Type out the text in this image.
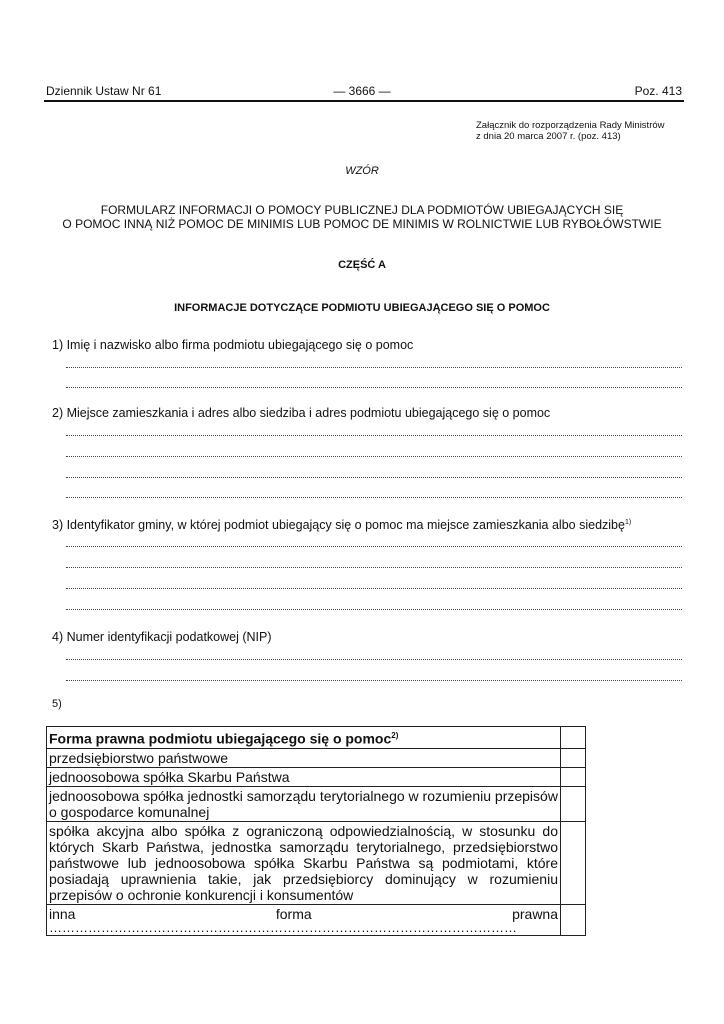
Dziennik Ustaw Nr 61	— 3666 —	Poz. 413
Załącznik do rozporządzenia Rady Ministrów
z dnia 20 marca 2007 r. (poz. 413)
WZÓR
FORMULARZ INFORMACJI O POMOCY PUBLICZNEJ DLA PODMIOTÓW UBIEGAJĄCYCH SIĘ
O POMOC INNĄ NIŻ POMOC DE MINIMIS LUB POMOC DE MINIMIS W ROLNICTWIE LUB RYBOŁÓWSTWIE
CZĘŚĆ A
INFORMACJE DOTYCZĄCE PODMIOTU UBIEGAJĄCEGO SIĘ O POMOC
1) Imię i nazwisko albo firma podmiotu ubiegającego się o pomoc
2) Miejsce zamieszkania i adres albo siedziba i adres podmiotu ubiegającego się o pomoc
3) Identyfikator gminy, w której podmiot ubiegający się o pomoc ma miejsce zamieszkania albo siedzibę$^{1)}$
4) Numer identyfikacji podatkowej (NIP)
5)
Forma prawna podmiotu ubiegającego się o pomoc$^{2)}$	
przedsiębiorstwo państwowe	
jednoosobowa spółka Skarbu Państwa	
jednoosobowa spółka jednostki samorządu terytorialnego w rozumieniu przepisów o gospodarce komunalnej	
spółka akcyjna albo spółka z ograniczoną odpowiedzialnością, w stosunku do których Skarb Państwa, jednostka samorządu terytorialnego, przedsiębiorstwo państwowe lub jednoosobowa spółka Skarbu Państwa są podmiotami, które posiadają uprawnienia takie, jak przedsiębiorcy dominujący w rozumieniu przepisów o ochronie konkurencji i konsumentów	

inna forma prawna
………………………………………………………………………………………………	
